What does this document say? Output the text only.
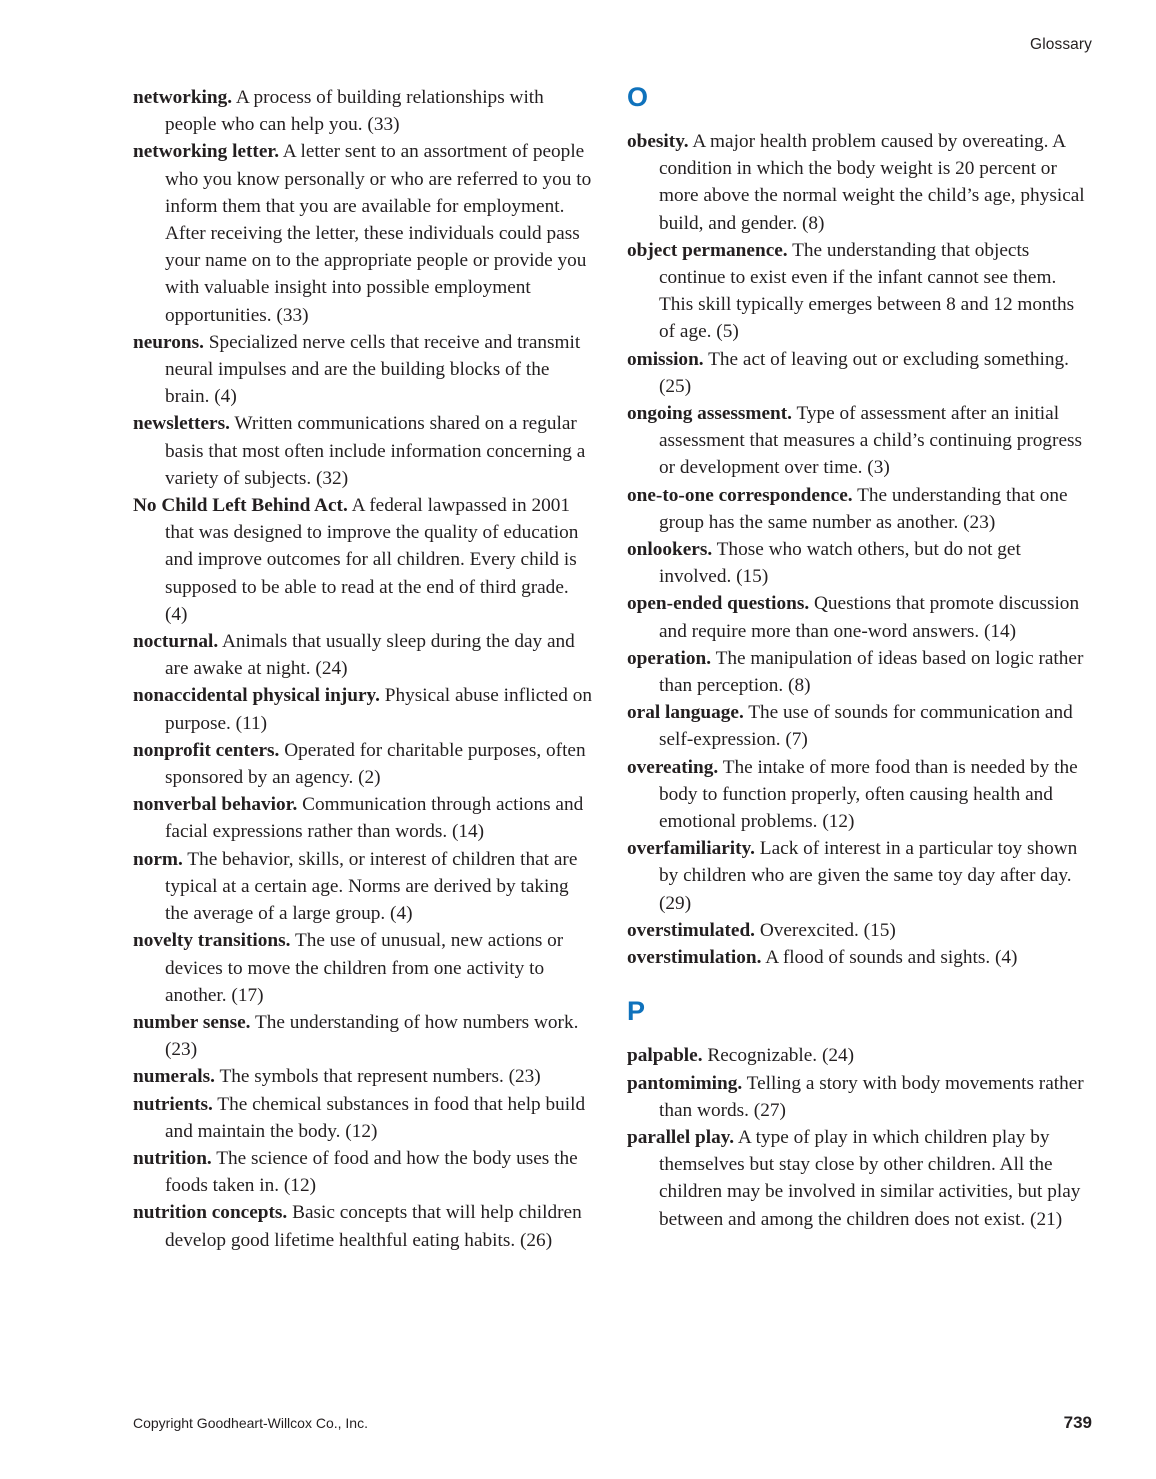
Glossary

networking. A process of building relationships with people who can help you. (33)

networking letter. A letter sent to an assortment of people who you know personally or who are referred to you to inform them that you are available for employment. After receiving the letter, these individuals could pass your name on to the appropriate people or provide you with valuable insight into possible employment opportunities. (33)

neurons. Specialized nerve cells that receive and transmit neural impulses and are the building blocks of the brain. (4)

newsletters. Written communications shared on a regular basis that most often include information concerning a variety of subjects. (32)

No Child Left Behind Act. A federal lawpassed in 2001 that was designed to improve the quality of education and improve outcomes for all children. Every child is supposed to be able to read at the end of third grade. (4)

nocturnal. Animals that usually sleep during the day and are awake at night. (24)

nonaccidental physical injury. Physical abuse inflicted on purpose. (11)

nonprofit centers. Operated for charitable purposes, often sponsored by an agency. (2)

nonverbal behavior. Communication through actions and facial expressions rather than words. (14)

norm. The behavior, skills, or interest of children that are typical at a certain age. Norms are derived by taking the average of a large group. (4)

novelty transitions. The use of unusual, new actions or devices to move the children from one activity to another. (17)

number sense. The understanding of how numbers work. (23)

numerals. The symbols that represent numbers. (23)

nutrients. The chemical substances in food that help build and maintain the body. (12)

nutrition. The science of food and how the body uses the foods taken in. (12)

nutrition concepts. Basic concepts that will help children develop good lifetime healthful eating habits. (26)

O

obesity. A major health problem caused by overeating. A condition in which the body weight is 20 percent or more above the normal weight the child’s age, physical build, and gender. (8)

object permanence. The understanding that objects continue to exist even if the infant cannot see them. This skill typically emerges between 8 and 12 months of age. (5)

omission. The act of leaving out or excluding something. (25)

ongoing assessment. Type of assessment after an initial assessment that measures a child’s continuing progress or development over time. (3)

one-to-one correspondence. The understanding that one group has the same number as another. (23)

onlookers. Those who watch others, but do not get involved. (15)

open-ended questions. Questions that promote discussion and require more than one-word answers. (14)

operation. The manipulation of ideas based on logic rather than perception. (8)

oral language. The use of sounds for communication and self-expression. (7)

overeating. The intake of more food than is needed by the body to function properly, often causing health and emotional problems. (12)

overfamiliarity. Lack of interest in a particular toy shown by children who are given the same toy day after day. (29)

overstimulated. Overexcited. (15)

overstimulation. A flood of sounds and sights. (4)

P

palpable. Recognizable. (24)

pantomiming. Telling a story with body movements rather than words. (27)

parallel play. A type of play in which children play by themselves but stay close by other children. All the children may be involved in similar activities, but play between and among the children does not exist. (21)

Copyright Goodheart-Willcox Co., Inc.	739
